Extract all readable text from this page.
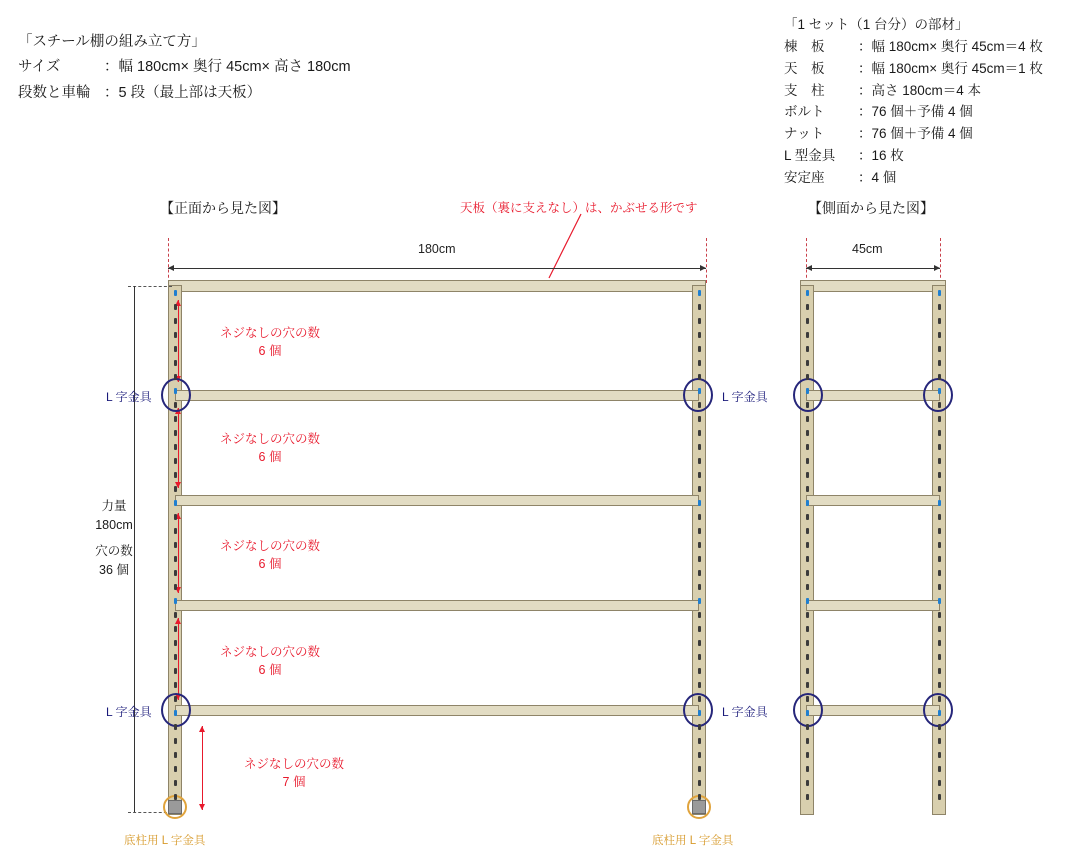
「スチール棚の組み立て方」
サイズ	：幅 180cm× 奥行 45cm× 高さ 180cm
段数と車輪 ：5 段（最上部は天板）
「1 セット（1 台分）の部材」
棟　板	：幅 180cm× 奥行 45cm＝4 枚
天　板	：幅 180cm× 奥行 45cm＝1 枚
支　柱	：高さ 180cm＝4 本
ボルト	：76 個＋予備 4 個
ナット	：76 個＋予備 4 個
L 型金具	：16 枚
安定座	：4 個
【正面から見た図】	【側面から見た図】
天板（裏に支えなし）は、かぶせる形です
180cm	45cm
力量
180cm
穴の数
36 個
ネジなしの穴の数
6 個
ネジなしの穴の数
6 個
ネジなしの穴の数
6 個
ネジなしの穴の数
6 個
ネジなしの穴の数
7 個
L 字金具	L 字金具
L 字金具	L 字金具
底柱用 L 字金具	底柱用 L 字金具
